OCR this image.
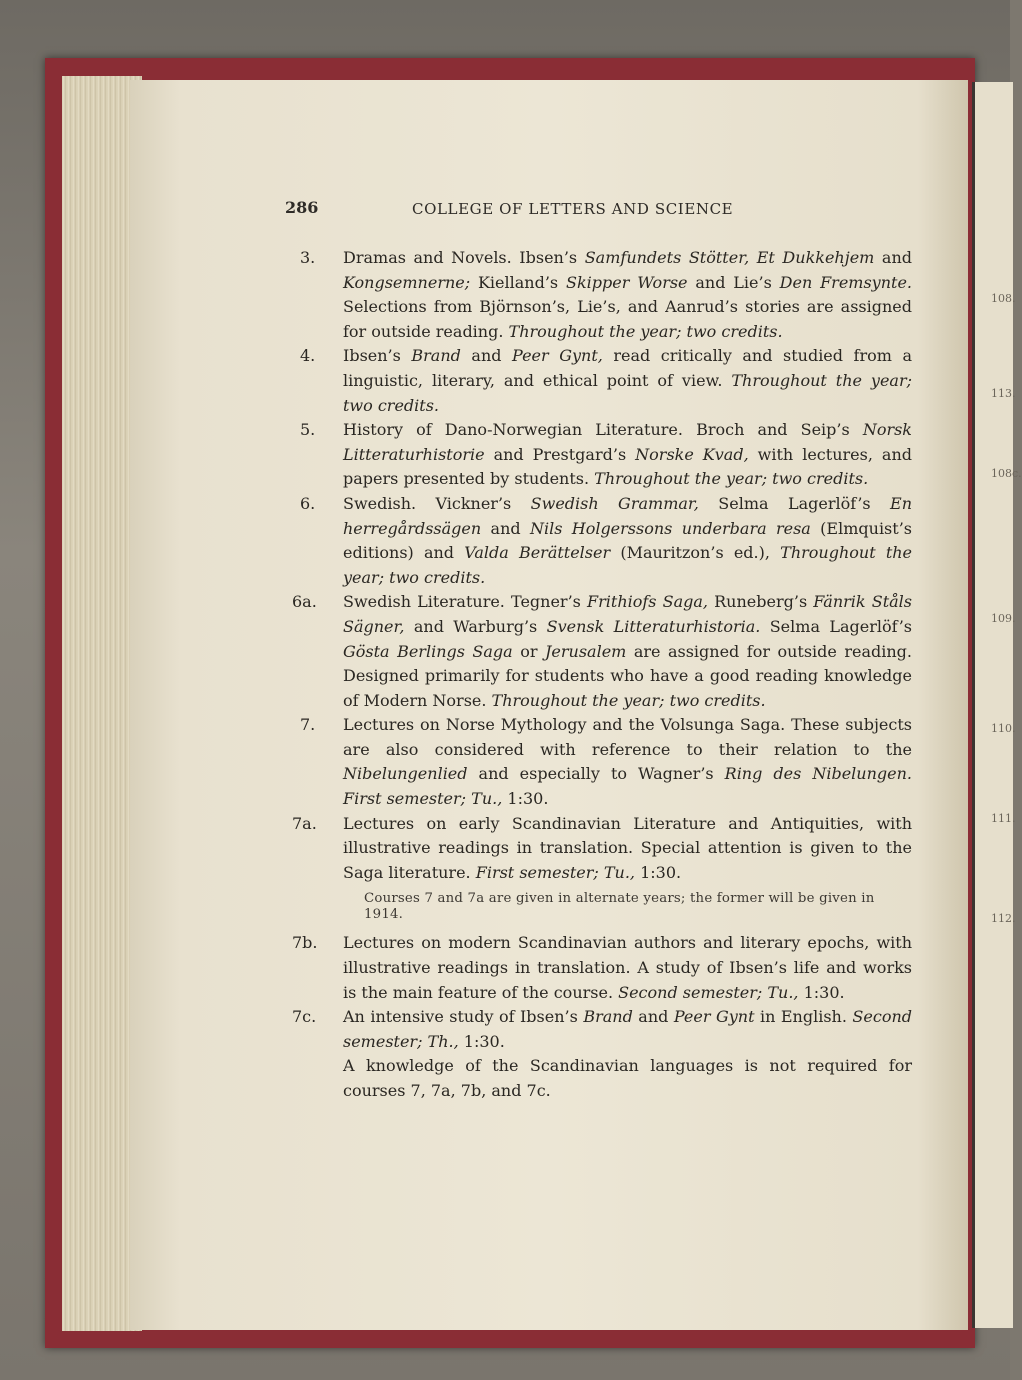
108.
113.
108c.
109.
110.
111.
112.
286	COLLEGE OF LETTERS AND SCIENCE
3. Dramas and Novels. Ibsen’s Samfundets Stötter, Et Dukkehjem and Kongsemnerne; Kielland’s Skipper Worse and Lie’s Den Fremsynte. Selections from Björnson’s, Lie’s, and Aanrud’s stories are assigned for outside reading. Throughout the year; two credits.
4. Ibsen’s Brand and Peer Gynt, read critically and studied from a linguistic, literary, and ethical point of view. Throughout the year; two credits.
5. History of Dano-Norwegian Literature. Broch and Seip’s Norsk Litteraturhistorie and Prestgard’s Norske Kvad, with lectures, and papers presented by students. Throughout the year; two credits.
6. Swedish. Vickner’s Swedish Grammar, Selma Lagerlöf’s En herregårdssägen and Nils Holgerssons underbara resa (Elmquist’s editions) and Valda Berättelser (Mauritzon’s ed.), Throughout the year; two credits.
6a. Swedish Literature. Tegner’s Frithiofs Saga, Runeberg’s Fänrik Ståls Sägner, and Warburg’s Svensk Litteraturhistoria. Selma Lagerlöf’s Gösta Berlings Saga or Jerusalem are assigned for outside reading. Designed primarily for students who have a good reading knowledge of Modern Norse. Throughout the year; two credits.
7. Lectures on Norse Mythology and the Volsunga Saga. These subjects are also considered with reference to their relation to the Nibelungenlied and especially to Wagner’s Ring des Nibelungen. First semester; Tu., 1:30.
7a. Lectures on early Scandinavian Literature and Antiquities, with illustrative readings in translation. Special attention is given to the Saga literature. First semester; Tu., 1:30.
Courses 7 and 7a are given in alternate years; the former will be given in 1914.
7b. Lectures on modern Scandinavian authors and literary epochs, with illustrative readings in translation. A study of Ibsen’s life and works is the main feature of the course. Second semester; Tu., 1:30.
7c. An intensive study of Ibsen’s Brand and Peer Gynt in English. Second semester; Th., 1:30.
A knowledge of the Scandinavian languages is not required for courses 7, 7a, 7b, and 7c.
